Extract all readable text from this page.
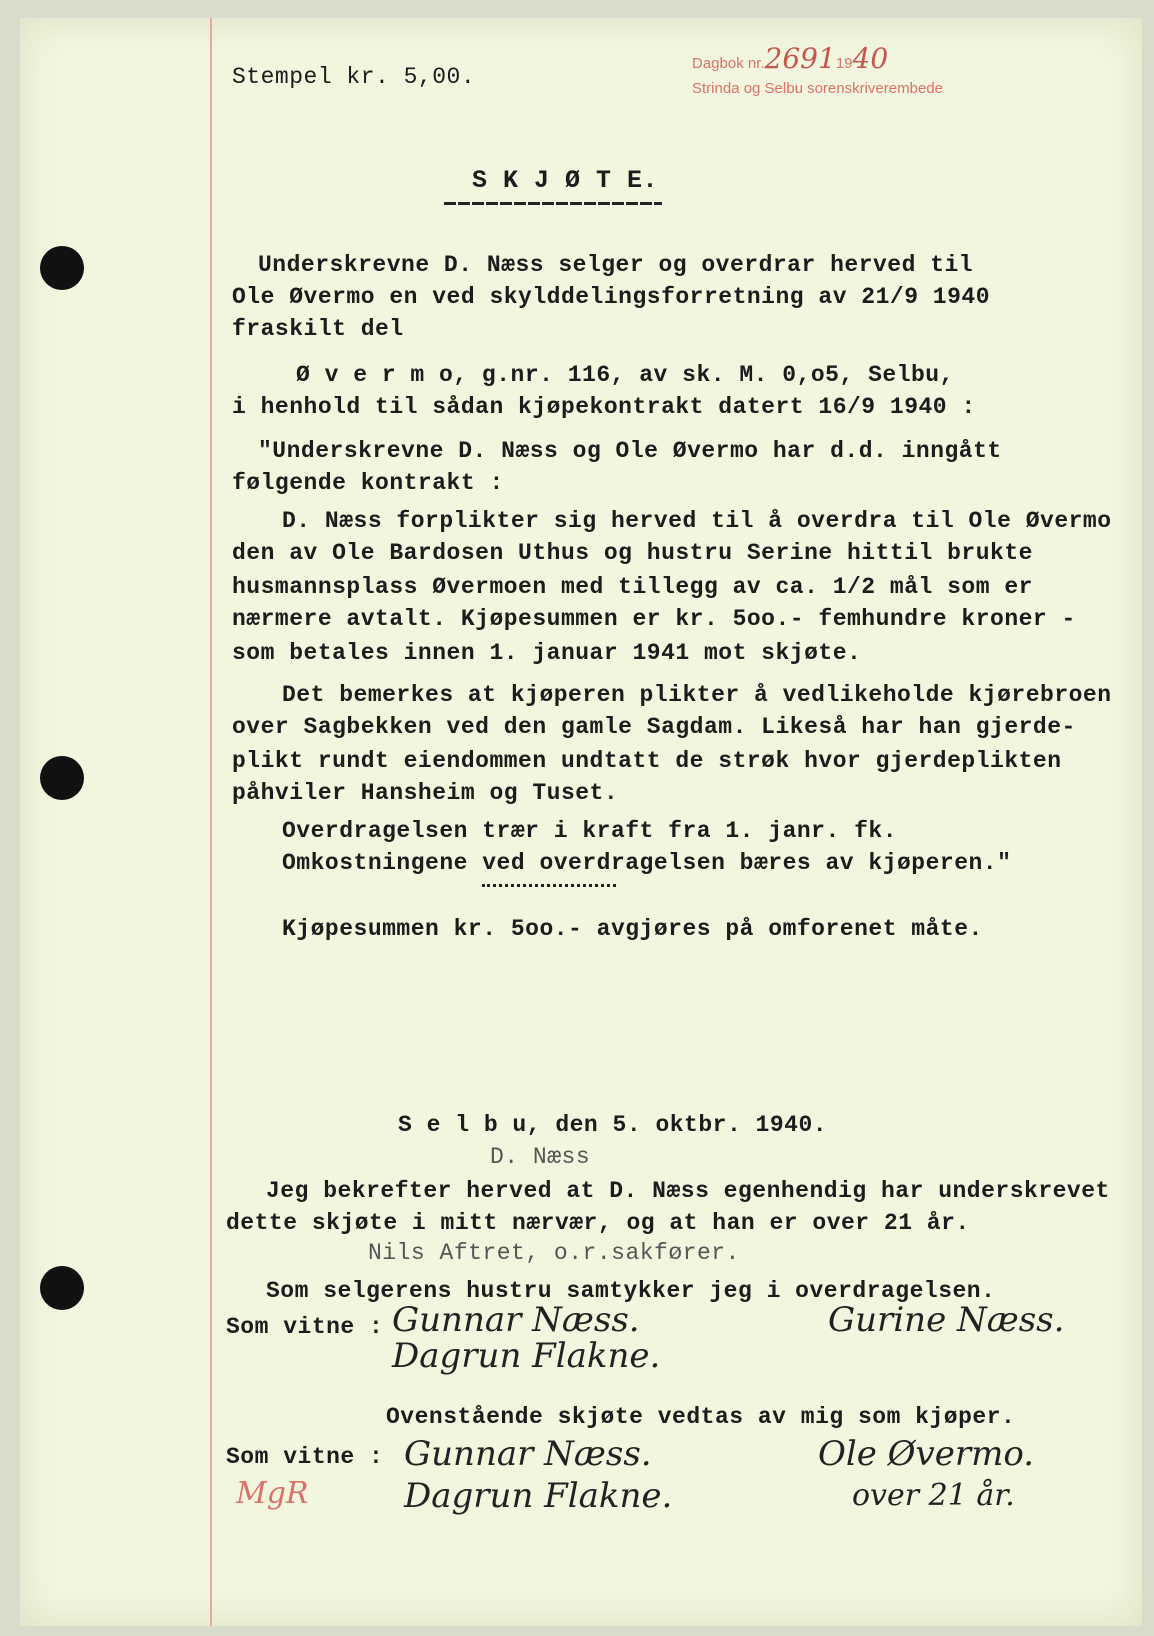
Stempel kr. 5,00.
Dagbok nr.26911940
Strinda og Selbu sorenskriverembede
S K J Ø T E.
Underskrevne D. Næss selger og overdrar herved til
Ole Øvermo en ved skylddelingsforretning av 21/9 1940
fraskilt del
Ø v e r m o, g.nr. 116, av sk. M. 0,o5, Selbu,
i henhold til sådan kjøpekontrakt datert 16/9 1940 :
"Underskrevne D. Næss og Ole Øvermo har d.d. inngått
følgende kontrakt :
D. Næss forplikter sig herved til å overdra til Ole Øvermo
den av Ole Bardosen Uthus og hustru Serine hittil brukte
husmannsplass Øvermoen med tillegg av ca. 1/2 mål som er
nærmere avtalt. Kjøpesummen er kr. 5oo.- femhundre kroner -
som betales innen 1. januar 1941 mot skjøte.
Det bemerkes at kjøperen plikter å vedlikeholde kjørebroen
over Sagbekken ved den gamle Sagdam. Likeså har han gjerde-
plikt rundt eiendommen undtatt de strøk hvor gjerdeplikten
påhviler Hansheim og Tuset.
Overdragelsen trær i kraft fra 1. janr. fk.
Omkostningene ved overdragelsen bæres av kjøperen."
Kjøpesummen kr. 5oo.- avgjøres på omforenet måte.
S e l b u, den 5. oktbr. 1940.
D. Næss
Jeg bekrefter herved at D. Næss egenhendig har underskrevet
dette skjøte i mitt nærvær, og at han er over 21 år.
Nils Aftret, o.r.sakfører.
Som selgerens hustru samtykker jeg i overdragelsen.
Som vitne : Gunnar Næss.
Dagrun Flakne.
Gurine Næss.
Ovenstående skjøte vedtas av mig som kjøper.
Som vitne : Gunnar Næss.
Dagrun Flakne.
Ole Øvermo.
over 21 år.
MgR
